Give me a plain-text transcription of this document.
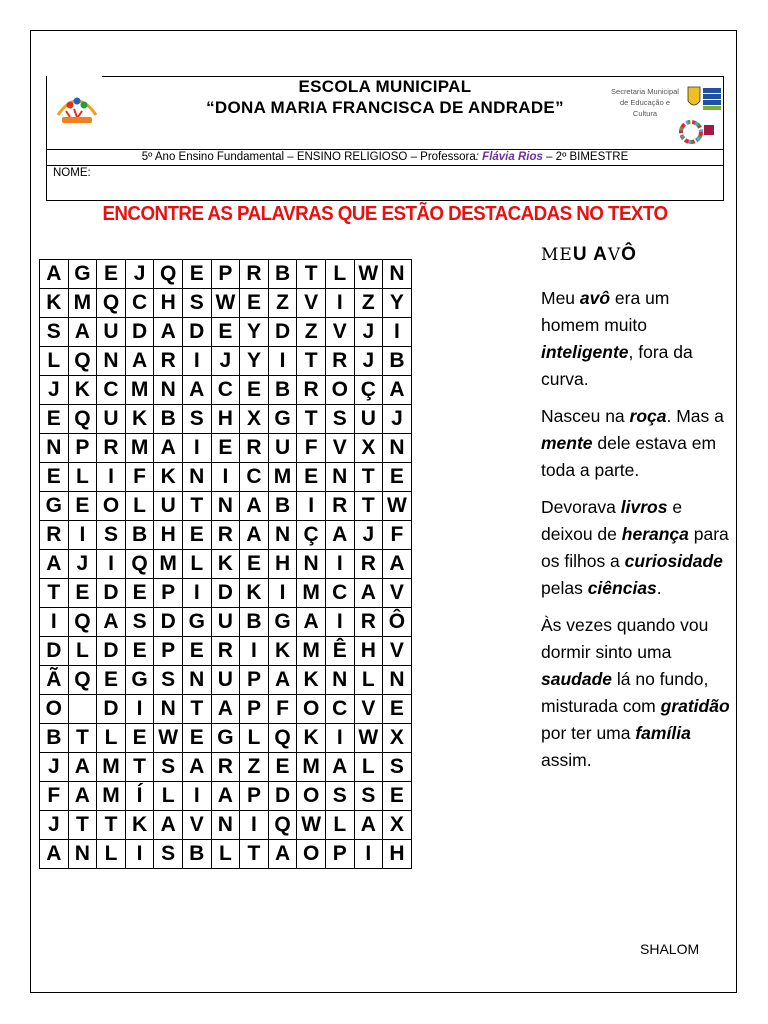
ESCOLA MUNICIPAL
“DONA MARIA FRANCISCA DE ANDRADE”
Secretaria Municipal de Educação e Cultura
5º Ano Ensino Fundamental – ENSINO RELIGIOSO – Professora: Flávia Rios – 2º BIMESTRE
NOME:
ENCONTRE AS PALAVRAS QUE ESTÃO DESTACADAS NO TEXTO
A	G	E	J	Q	E	P	R	B	T	L	W	N
K	M	Q	C	H	S	W	E	Z	V	I	Z	Y
S	A	U	D	A	D	E	Y	D	Z	V	J	I
L	Q	N	A	R	I	J	Y	I	T	R	J	B
J	K	C	M	N	A	C	E	B	R	O	Ç	A
E	Q	U	K	B	S	H	X	G	T	S	U	J
N	P	R	M	A	I	E	R	U	F	V	X	N
E	L	I	F	K	N	I	C	M	E	N	T	E
G	E	O	L	U	T	N	A	B	I	R	T	W
R	I	S	B	H	E	R	A	N	Ç	A	J	F
A	J	I	Q	M	L	K	E	H	N	I	R	A
T	E	D	E	P	I	D	K	I	M	C	A	V
I	Q	A	S	D	G	U	B	G	A	I	R	Ô
D	L	D	E	P	E	R	I	K	M	Ê	H	V
Ã	Q	E	G	S	N	U	P	A	K	N	L	N
O		D	I	N	T	A	P	F	O	C	V	E
B	T	L	E	W	E	G	L	Q	K	I	W	X
J	A	M	T	S	A	R	Z	E	M	A	L	S
F	A	M	Í	L	I	A	P	D	O	S	S	E
J	T	T	K	A	V	N	I	Q	W	L	A	X
A	N	L	I	S	B	L	T	A	O	P	I	H
MEU AVÔ

Meu avô era um homem muito inteligente, fora da curva.

Nasceu na roça. Mas a mente dele estava em toda a parte.

Devorava livros e deixou de herança para os filhos a curiosidade pelas ciências.

Às vezes quando vou dormir sinto uma saudade lá no fundo, misturada com gratidão por ter uma família assim.

SHALOM
